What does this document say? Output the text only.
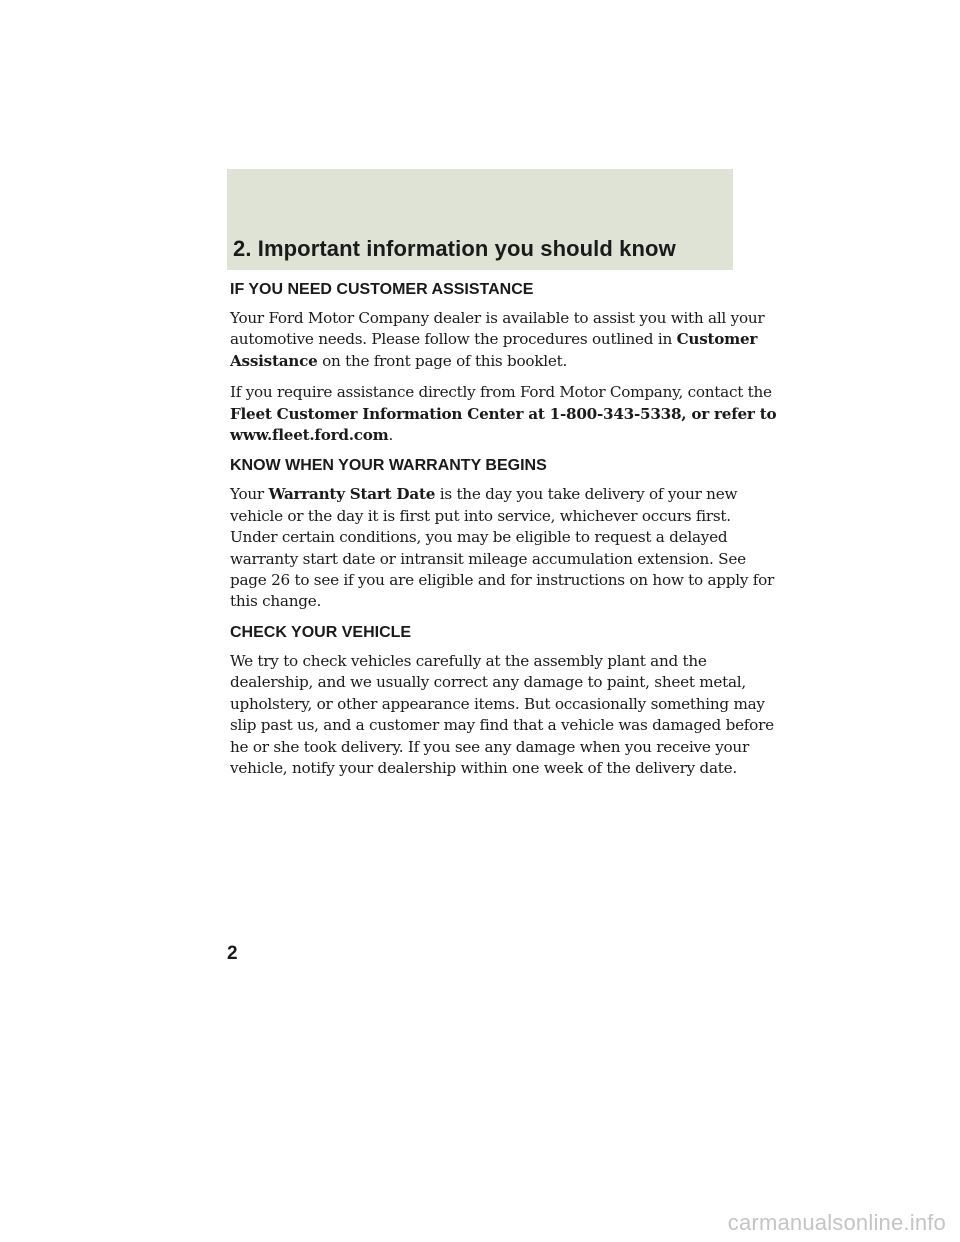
2. Important information you should know
IF YOU NEED CUSTOMER ASSISTANCE

Your Ford Motor Company dealer is available to assist you with all your
automotive needs. Please follow the procedures outlined in Customer
Assistance on the front page of this booklet.

If you require assistance directly from Ford Motor Company, contact the
Fleet Customer Information Center at 1-800-343-5338, or refer to
www.fleet.ford.com.

KNOW WHEN YOUR WARRANTY BEGINS

Your Warranty Start Date is the day you take delivery of your new
vehicle or the day it is first put into service, whichever occurs first.
Under certain conditions, you may be eligible to request a delayed
warranty start date or intransit mileage accumulation extension. See
page 26 to see if you are eligible and for instructions on how to apply for
this change.

CHECK YOUR VEHICLE

We try to check vehicles carefully at the assembly plant and the
dealership, and we usually correct any damage to paint, sheet metal,
upholstery, or other appearance items. But occasionally something may
slip past us, and a customer may find that a vehicle was damaged before
he or she took delivery. If you see any damage when you receive your
vehicle, notify your dealership within one week of the delivery date.

2

carmanualsonline.info
